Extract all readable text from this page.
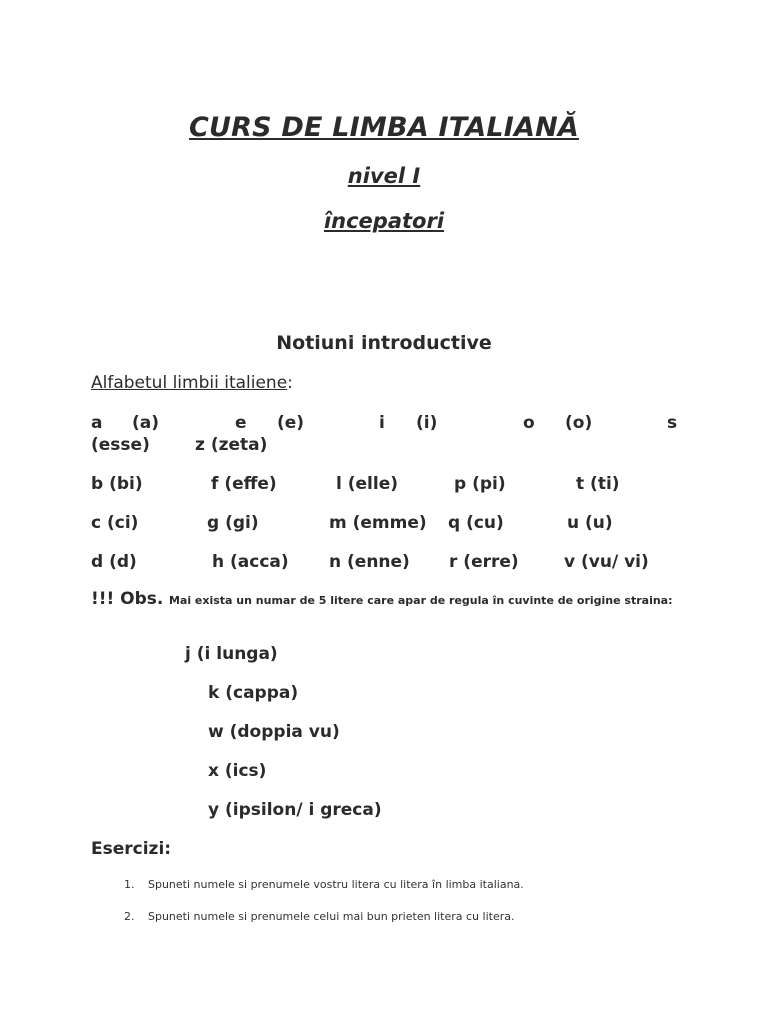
CURS DE LIMBA ITALIANĂ
nivel I
începatori
Notiuni introductive
Alfabetul limbii italiene:
a (a)	e (e)	i (i)	o (o)	s
(esse)	z (zeta)
b (bi)	f (effe)	l (elle)	p (pi)	t (ti)
c (ci)	g (gi)	m (emme) q (cu)	u (u)
d (d)	h (acca) n (enne) r (erre)	v (vu/ vi)
!!! Obs. Mai exista un numar de 5 litere care apar de regula în cuvinte de origine straina:
j (i lunga)
k (cappa)
w (doppia vu)
x (ics)
y (ipsilon/ i greca)
Esercizi:
1. Spuneti numele si prenumele vostru litera cu litera în limba italiana.
2. Spuneti numele si prenumele celui mai bun prieten litera cu litera.
